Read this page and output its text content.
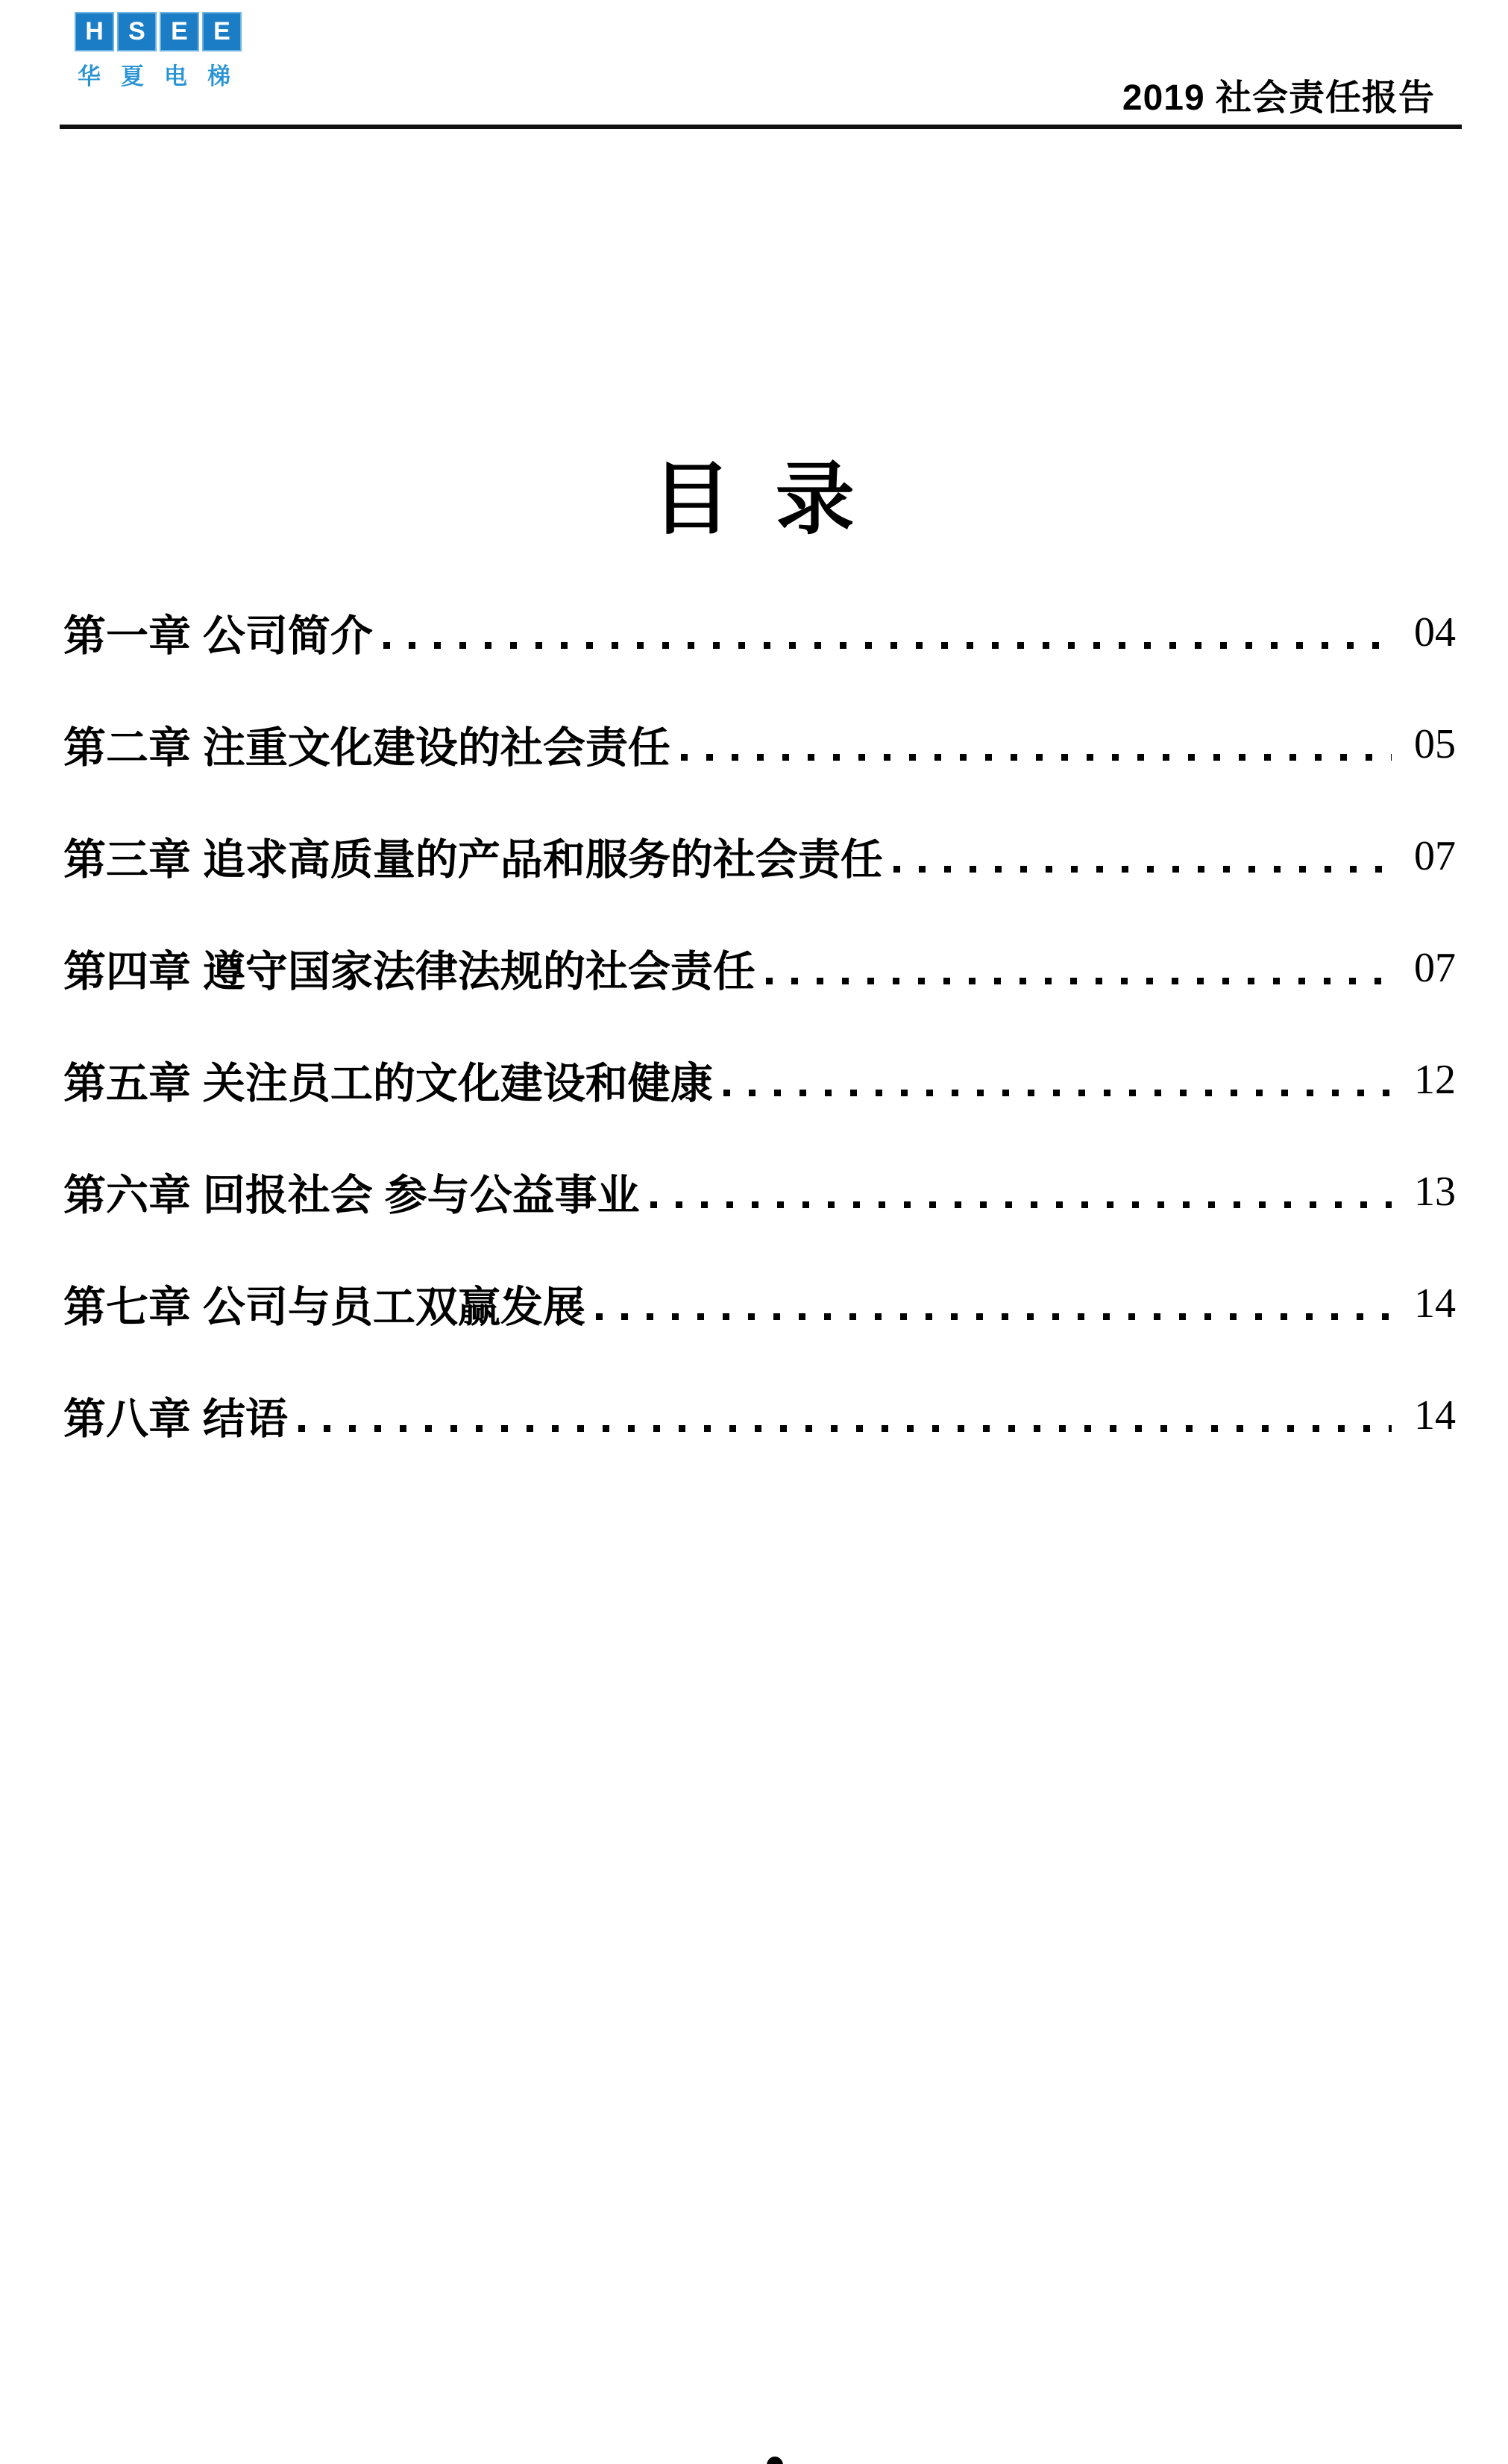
H S	E	E
华夏电梯
2019 社会责任报告
目 录
第一章 公司简介	04
第二章 注重文化建设的社会责任	05
第三章 追求高质量的产品和服务的社会责任	07
第四章 遵守国家法律法规的社会责任	07
第五章 关注员工的文化建设和健康	12
第六章 回报社会 参与公益事业	13
第七章 公司与员工双赢发展	14
第八章 结语	14
